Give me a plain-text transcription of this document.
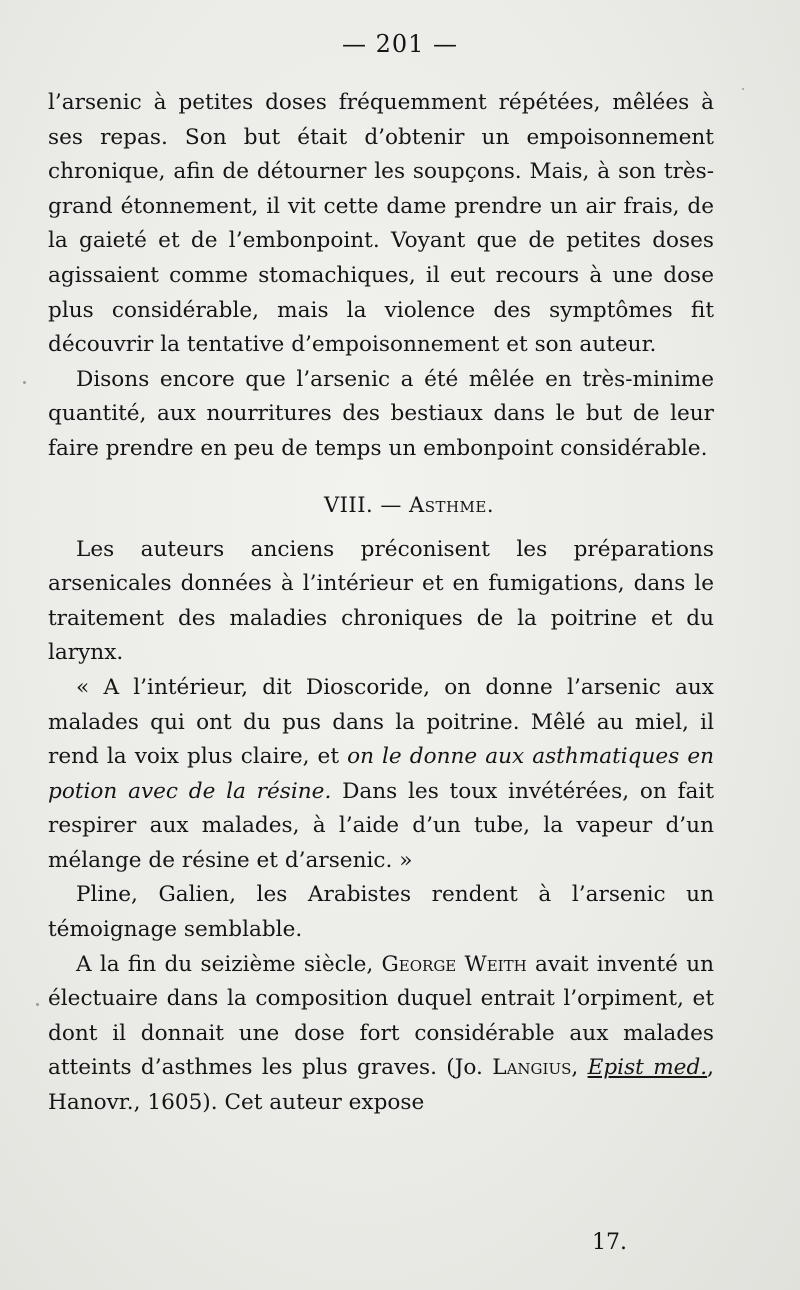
— 201 —

l’arsenic à petites doses fréquemment répétées, mêlées à ses repas. Son but était d’obtenir un empoisonnement chronique, afin de détourner les soupçons. Mais, à son très-grand étonnement, il vit cette dame prendre un air frais, de la gaieté et de l’embonpoint. Voyant que de petites doses agissaient comme stomachiques, il eut recours à une dose plus considérable, mais la violence des symptômes fit découvrir la tentative d’empoisonnement et son auteur.

Disons encore que l’arsenic a été mêlée en très-minime quantité, aux nourritures des bestiaux dans le but de leur faire prendre en peu de temps un embonpoint considérable.

VIII. — Asthme.

Les auteurs anciens préconisent les préparations arsenicales données à l’intérieur et en fumigations, dans le traitement des maladies chroniques de la poitrine et du larynx.

« A l’intérieur, dit Dioscoride, on donne l’arsenic aux malades qui ont du pus dans la poitrine. Mêlé au miel, il rend la voix plus claire, et on le donne aux asthmatiques en potion avec de la résine. Dans les toux invétérées, on fait respirer aux malades, à l’aide d’un tube, la vapeur d’un mélange de résine et d’arsenic. »

Pline, Galien, les Arabistes rendent à l’arsenic un témoignage semblable.

A la fin du seizième siècle, George Weith avait inventé un électuaire dans la composition duquel entrait l’orpiment, et dont il donnait une dose fort considérable aux malades atteints d’asthmes les plus graves. (Jo. Langius, Epist med., Hanovr., 1605). Cet auteur expose

17.
